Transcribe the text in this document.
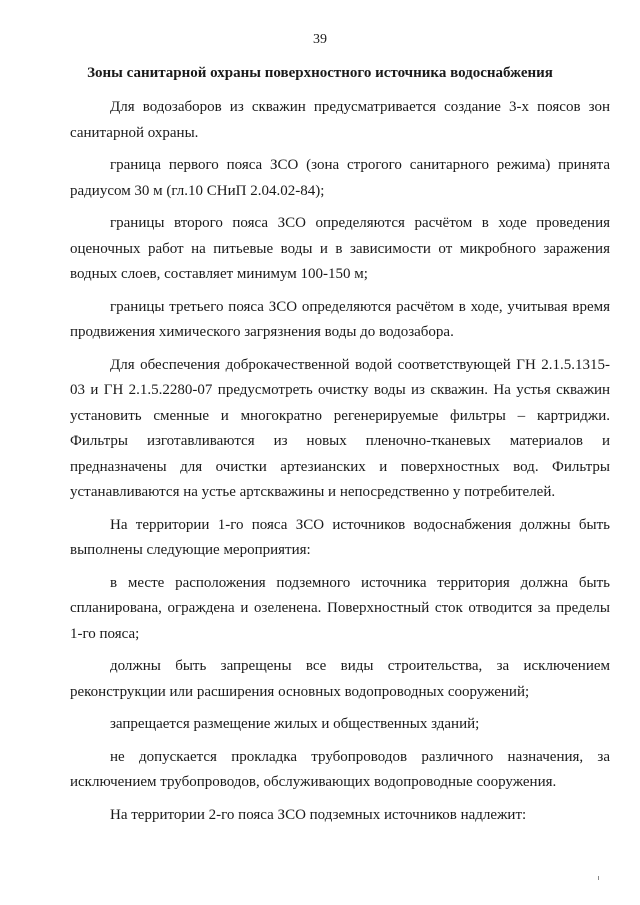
39
Зоны санитарной охраны поверхностного источника водоснабжения

Для водозаборов из скважин предусматривается создание 3-х поясов зон санитарной охраны.

граница первого пояса ЗСО (зона строгого санитарного режима) принята радиусом 30 м (гл.10 СНиП 2.04.02-84);

границы второго пояса ЗСО определяются расчётом в ходе проведения оценочных работ на питьевые воды и в зависимости от микробного заражения водных слоев, составляет минимум 100-150 м;

границы третьего пояса ЗСО определяются расчётом в ходе, учитывая время продвижения химического загрязнения воды до водозабора.

Для обеспечения доброкачественной водой соответствующей ГН 2.1.5.1315-03 и ГН 2.1.5.2280-07 предусмотреть очистку воды из скважин. На устья скважин установить сменные и многократно регенерируемые фильтры – картриджи. Фильтры изготавливаются из новых пленочно-тканевых материалов и предназначены для очистки артезианских и поверхностных вод. Фильтры устанавливаются на устье артскважины и непосредственно у потребителей.

На территории 1-го пояса ЗСО источников водоснабжения должны быть выполнены следующие мероприятия:

в месте расположения подземного источника территория должна быть спланирована, ограждена и озеленена. Поверхностный сток отводится за пределы 1-го пояса;

должны быть запрещены все виды строительства, за исключением реконструкции или расширения основных водопроводных сооружений;

запрещается размещение жилых и общественных зданий;

не допускается прокладка трубопроводов различного назначения, за исключением трубопроводов, обслуживающих водопроводные сооружения.

На территории 2-го пояса ЗСО подземных источников надлежит:
